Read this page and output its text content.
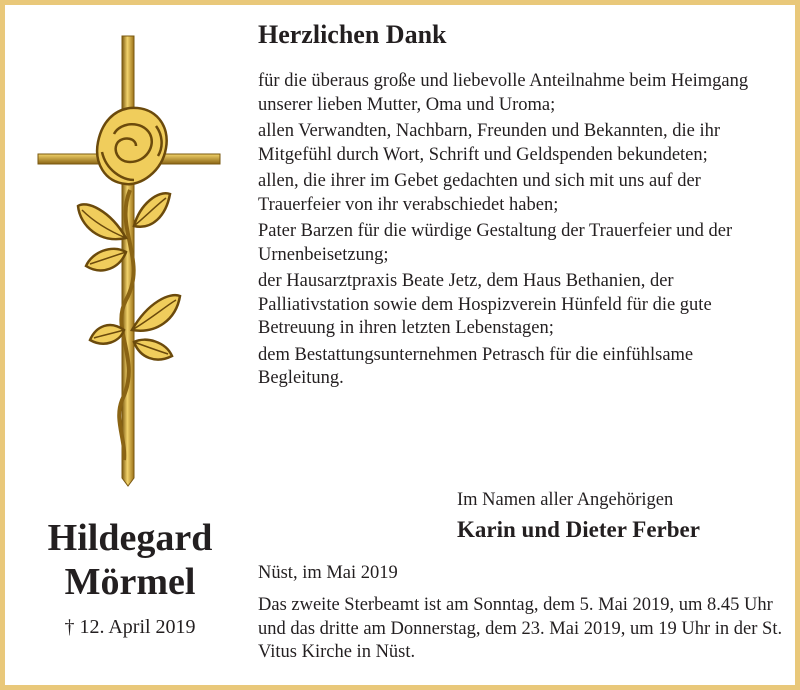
Hildegard
Mörmel
† 12. April 2019
Herzlichen Dank

für die überaus große und liebevolle Anteilnahme beim Heimgang unserer lieben Mutter, Oma und Uroma;

allen Verwandten, Nachbarn, Freunden und Bekannten, die ihr Mitgefühl durch Wort, Schrift und Geldspenden bekundeten;

allen, die ihrer im Gebet gedachten und sich mit uns auf der Trauerfeier von ihr verabschiedet haben;

Pater Barzen für die würdige Gestaltung der Trauerfeier und der Urnenbeisetzung;

der Hausarztpraxis Beate Jetz, dem Haus Bethanien, der Palliativstation sowie dem Hospizverein Hünfeld für die gute Betreuung in ihren letzten Lebenstagen;

dem Bestattungsunternehmen Petrasch für die einfühlsame Begleitung.

Im Namen aller Angehörigen
Karin und Dieter Ferber
Nüst, im Mai 2019
Das zweite Sterbeamt ist am Sonntag, dem 5. Mai 2019, um 8.45 Uhr und das dritte am Donnerstag, dem 23. Mai 2019, um 19 Uhr in der St. Vitus Kirche in Nüst.
